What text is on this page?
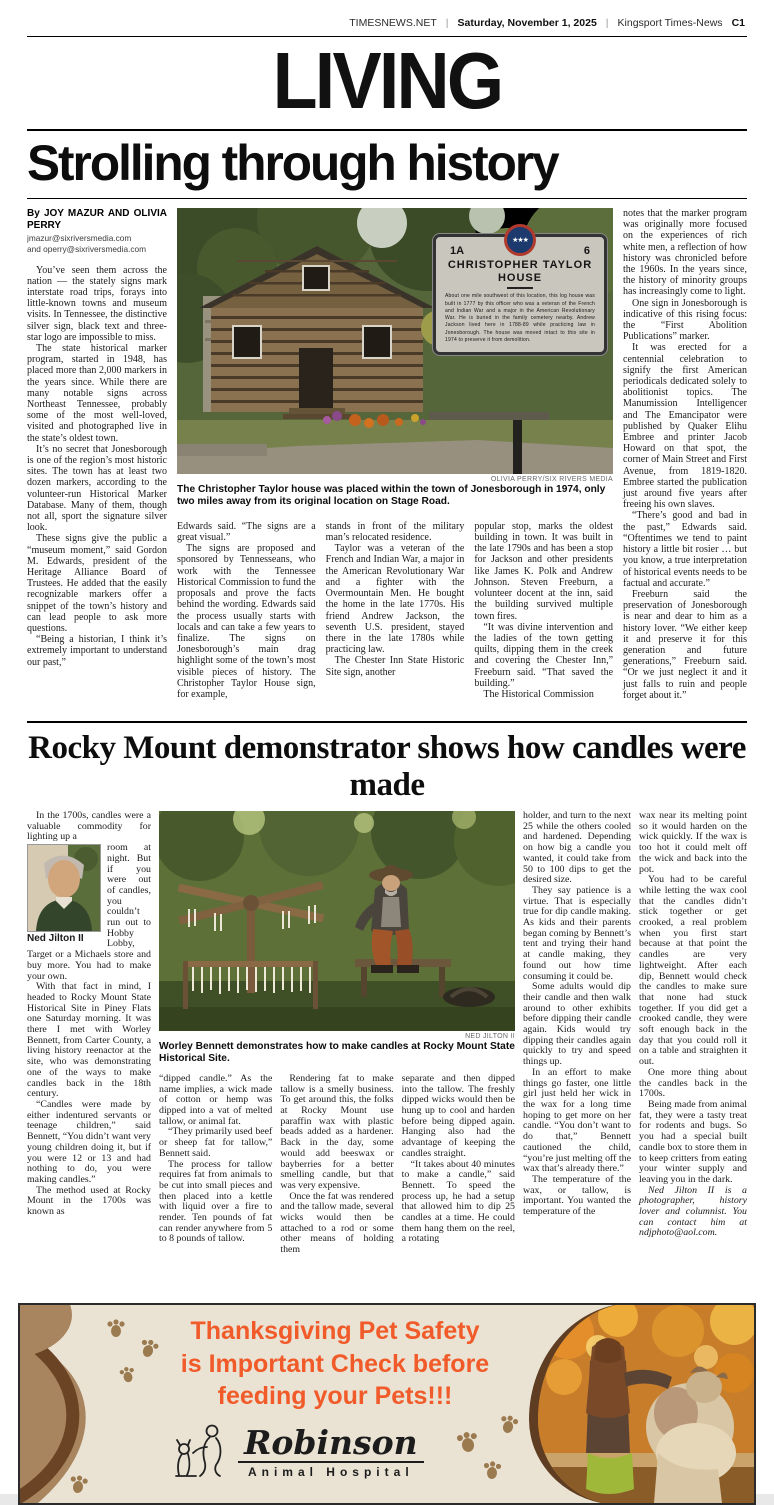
TIMESNEWS.NET | Saturday, November 1, 2025 | Kingsport Times-News C1
LIVING
Strolling through history
By JOY MAZUR AND OLIVIA PERRY
jmazur@sixriversmedia.com
and operry@sixriversmedia.com

You’ve seen them across the nation — the stately signs mark interstate road trips, forays into little-known towns and museum visits. In Tennessee, the distinctive silver sign, black text and three-star logo are impossible to miss.

The state historical marker program, started in 1948, has placed more than 2,000 markers in the years since. While there are many notable signs across Northeast Tennessee, probably some of the most well-loved, visited and photographed live in the state’s oldest town.

It’s no secret that Jonesborough is one of the region’s most historic sites. The town has at least two dozen markers, according to the volunteer-run Historical Marker Database. Many of them, though not all, sport the signature silver look.

These signs give the public a “museum moment,” said Gordon M. Edwards, president of the Heritage Alliance Board of Trustees. He added that the easily recognizable markers offer a snippet of the town’s history and can lead people to ask more questions.

“Being a historian, I think it’s extremely important to understand our past,”

★★★
1A	6
CHRISTOPHER TAYLOR
HOUSE
About one mile southwest of this location, this log house was built in 1777 by this officer who was a veteran of the French and Indian War and a major in the American Revolutionary War. He is buried in the family cemetery nearby. Andrew Jackson lived here in 1788-89 while practicing law in Jonesborough. The house was moved intact to this site in 1974 to preserve it from demolition.
OLIVIA PERRY/SIX RIVERS MEDIA
The Christopher Taylor house was placed within the town of Jonesborough in 1974, only two miles away from its original location on Stage Road.

Edwards said. “The signs are a great visual.”

The signs are proposed and sponsored by Tennesseans, who work with the Tennessee Historical Commission to fund the proposals and prove the facts behind the wording. Edwards said the process usually starts with locals and can take a few years to finalize. The signs on Jonesborough’s main drag highlight some of the town’s most visible pieces of history. The Christopher Taylor House sign, for example,

stands in front of the military man’s relocated residence.

Taylor was a veteran of the French and Indian War, a major in the American Revolutionary War and a fighter with the Overmountain Men. He bought the home in the late 1770s. His friend Andrew Jackson, the seventh U.S. president, stayed there in the late 1780s while practicing law.

The Chester Inn State Historic Site sign, another

popular stop, marks the oldest building in town. It was built in the late 1790s and has been a stop for Jackson and other presidents like James K. Polk and Andrew Johnson. Steven Freeburn, a volunteer docent at the inn, said the building survived multiple town fires.

“It was divine intervention and the ladies of the town getting quilts, dipping them in the creek and covering the Chester Inn,” Freeburn said. “That saved the building.”

The Historical Commission

notes that the marker program was originally more focused on the experiences of rich white men, a reflection of how history was chronicled before the 1960s. In the years since, the history of minority groups has increasingly come to light.

One sign in Jonesborough is indicative of this rising focus: the “First Abolition Publications” marker.

It was erected for a centennial celebration to signify the first American periodicals dedicated solely to abolitionist topics. The Manumission Intelligencer and The Emancipator were published by Quaker Elihu Embree and printer Jacob Howard on that spot, the corner of Main Street and First Avenue, from 1819-1820. Embree started the publication just around five years after freeing his own slaves.

“There’s good and bad in the past,” Edwards said. “Oftentimes we tend to paint history a little bit rosier … but you know, a true interpretation of historical events needs to be factual and accurate.”

Freeburn said the preservation of Jonesborough is near and dear to him as a history lover. “We either keep it and preserve it for this generation and future generations,” Freeburn said. “Or we just neglect it and it just falls to ruin and people forget about it.”

Rocky Mount demonstrator shows how candles were made

In the 1700s, candles were a valuable commodity for lighting up a

Ned Jilton II

room at night. But if you were out of candles, you couldn’t run out to Hobby Lobby, Target or a Michaels store and buy more. You had to make your own.

With that fact in mind, I headed to Rocky Mount State Historical Site in Piney Flats one Saturday morning. It was there I met with Worley Bennett, from Carter County, a living history reenactor at the site, who was demonstrating one of the ways to make candles back in the 18th century.

“Candles were made by either indentured servants or teenage children,” said Bennett, “You didn’t want very young children doing it, but if you were 12 or 13 and had nothing to do, you were making candles.”

The method used at Rocky Mount in the 1700s was known as

NED JILTON II
Worley Bennett demonstrates how to make candles at Rocky Mount State Historical Site.

“dipped candle.” As the name implies, a wick made of cotton or hemp was dipped into a vat of melted tallow, or animal fat.

“They primarily used beef or sheep fat for tallow,” Bennett said.

The process for tallow requires fat from animals to be cut into small pieces and then placed into a kettle with liquid over a fire to render. Ten pounds of fat can render anywhere from 5 to 8 pounds of tallow.

Rendering fat to make tallow is a smelly business. To get around this, the folks at Rocky Mount use paraffin wax with plastic beads added as a hardener. Back in the day, some would add beeswax or bayberries for a better smelling candle, but that was very expensive.

Once the fat was rendered and the tallow made, several wicks would then be attached to a rod or some other means of holding them

separate and then dipped into the tallow. The freshly dipped wicks would then be hung up to cool and harden before being dipped again. Hanging also had the advantage of keeping the candles straight.

“It takes about 40 minutes to make a candle,” said Bennett. To speed the process up, he had a setup that allowed him to dip 25 candles at a time. He could them hang them on the reel, a rotating

holder, and turn to the next 25 while the others cooled and hardened. Depending on how big a candle you wanted, it could take from 50 to 100 dips to get the desired size.

They say patience is a virtue. That is especially true for dip candle making. As kids and their parents began coming by Bennett’s tent and trying their hand at candle making, they found out how time consuming it could be.

Some adults would dip their candle and then walk around to other exhibits before dipping their candle again. Kids would try dipping their candles again quickly to try and speed things up.

In an effort to make things go faster, one little girl just held her wick in the wax for a long time hoping to get more on her candle. “You don’t want to do that,” Bennett cautioned the child, “you’re just melting off the wax that’s already there.”

The temperature of the wax, or tallow, is important. You wanted the temperature of the

wax near its melting point so it would harden on the wick quickly. If the wax is too hot it could melt off the wick and back into the pot.

You had to be careful while letting the wax cool that the candles didn’t stick together or get crooked, a real problem when you first start because at that point the candles are very lightweight. After each dip, Bennett would check the candles to make sure that none had stuck together. If you did get a crooked candle, they were soft enough back in the day that you could roll it on a table and straighten it out.

One more thing about the candles back in the 1700s.

Being made from animal fat, they were a tasty treat for rodents and bugs. So you had a special built candle box to store them in to keep critters from eating your winter supply and leaving you in the dark.

Ned Jilton II is a photographer, history lover and columnist. You can contact him at ndjphoto@aol.com.

Thanksgiving Pet Safety
is Important Check before
feeding your Pets!!!
Robinson
Animal Hospital
